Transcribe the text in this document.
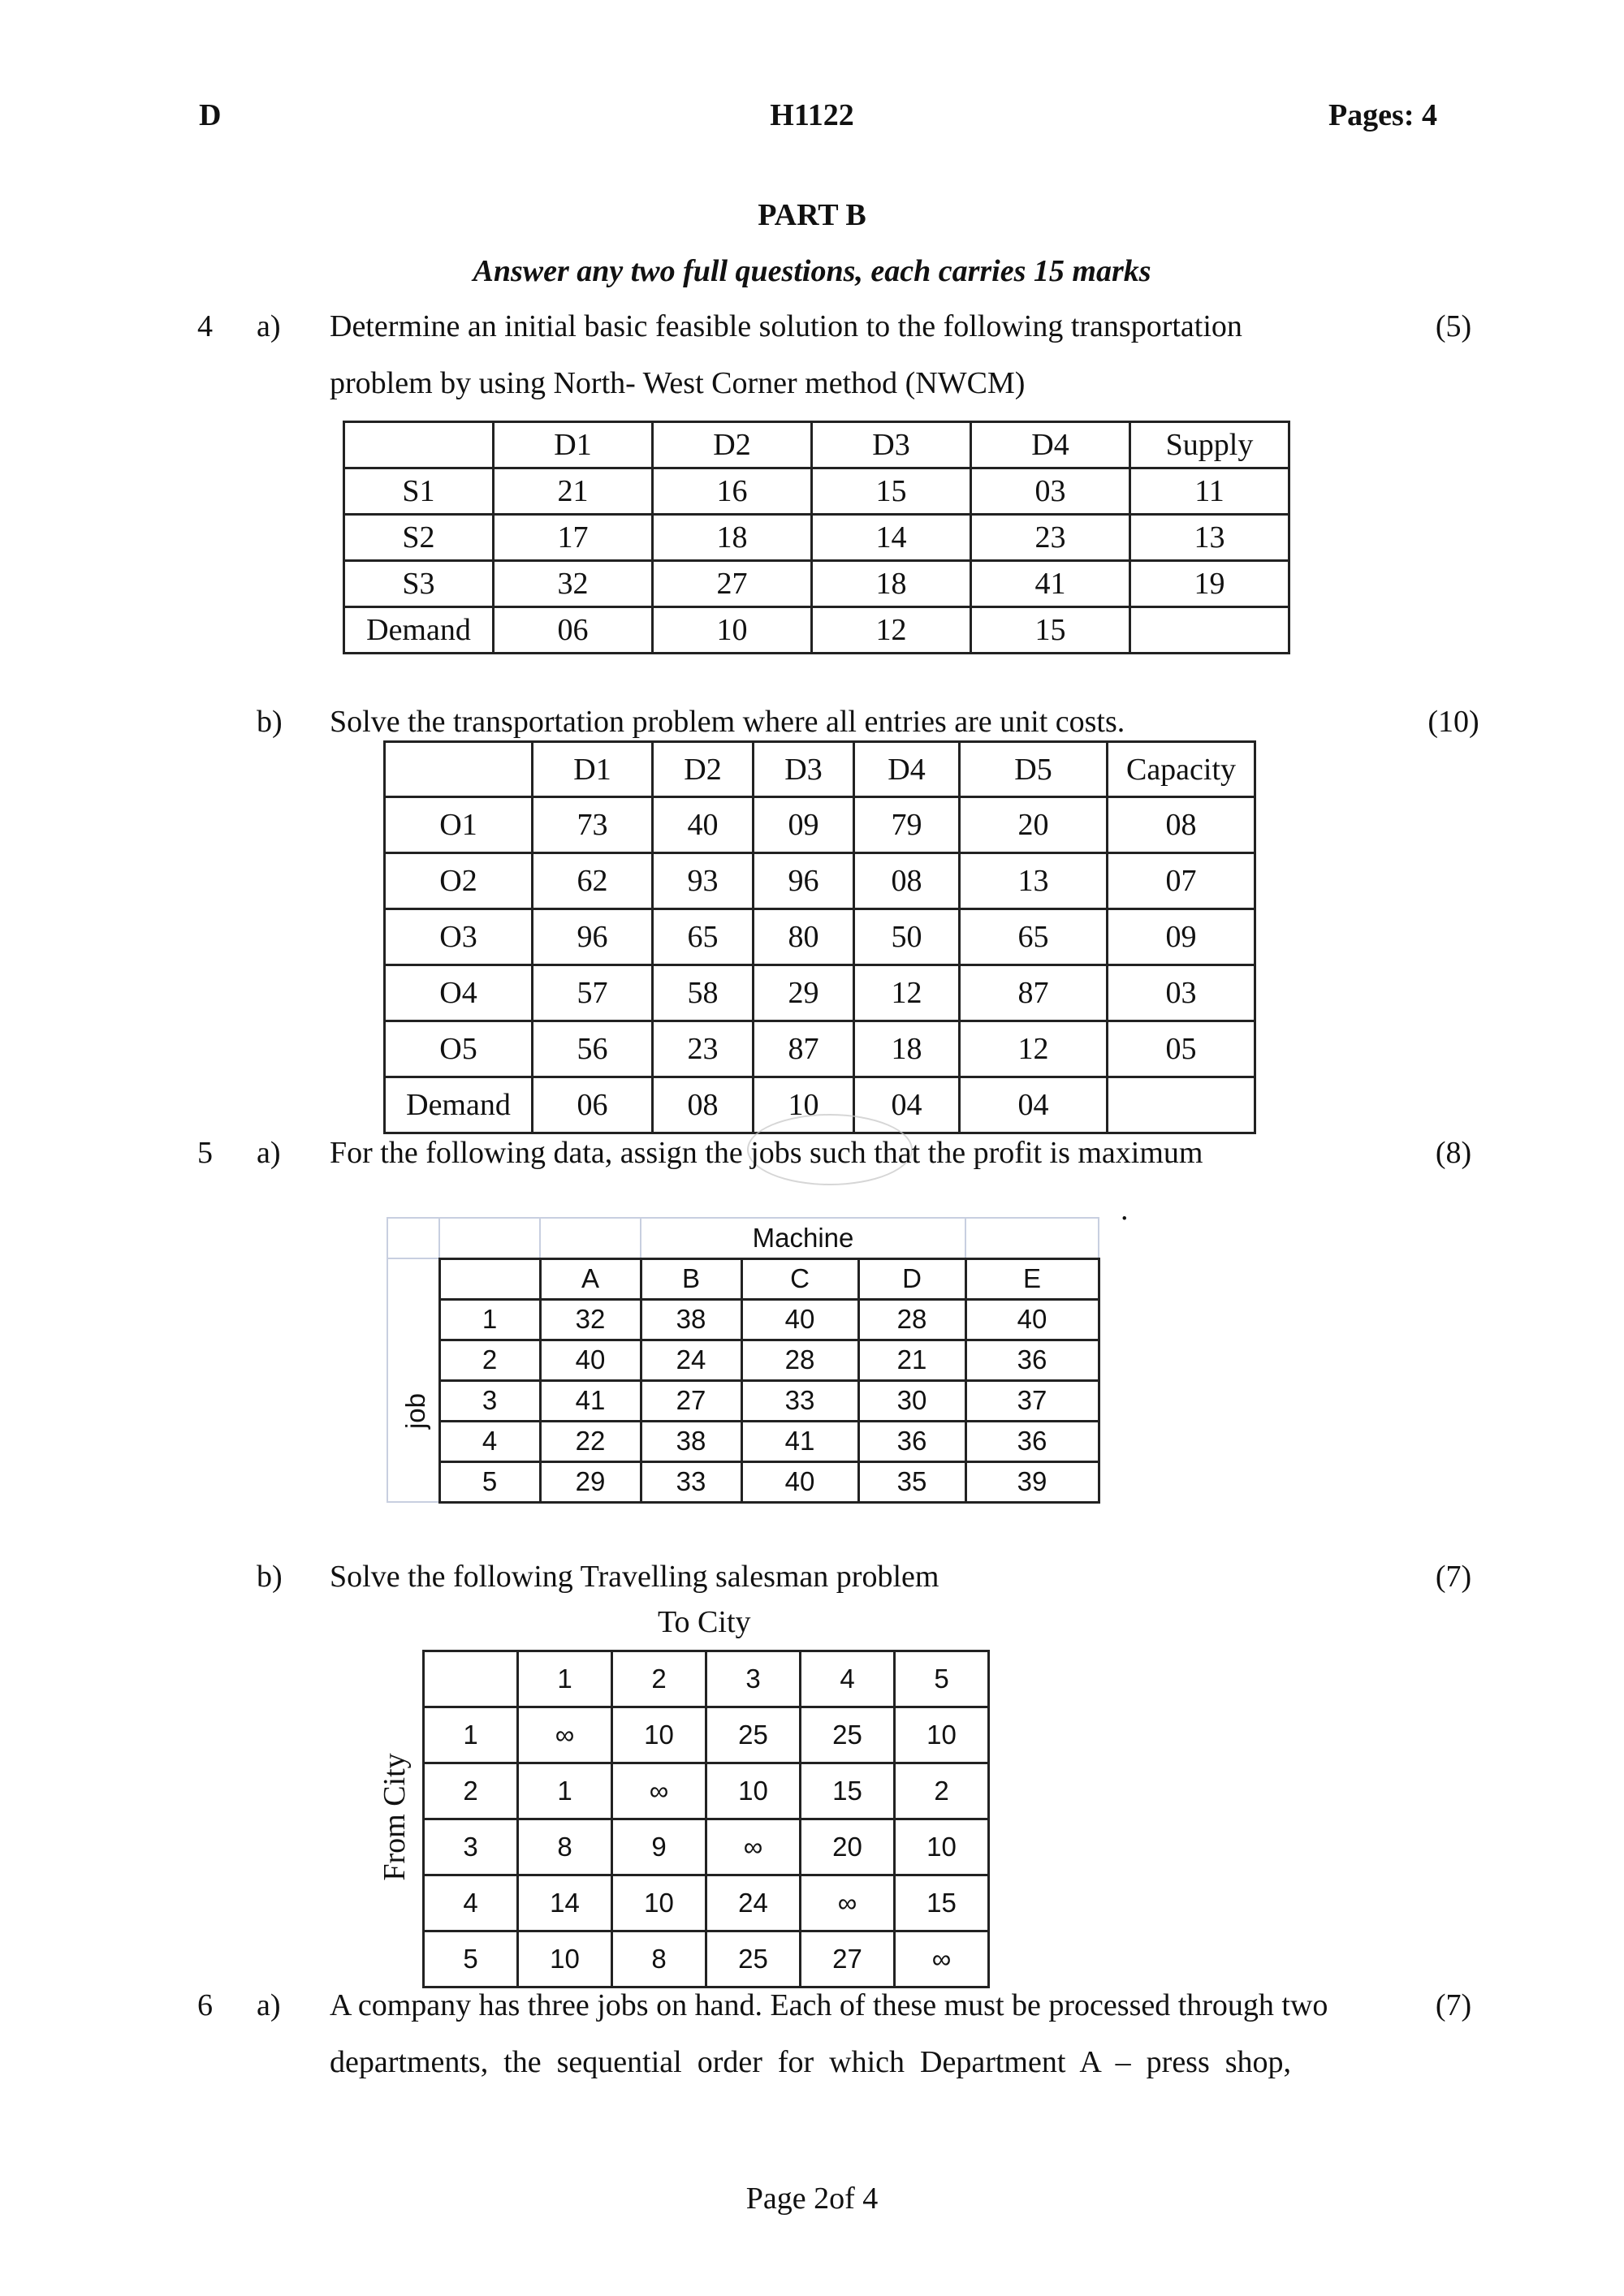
D	H1122	Pages: 4
PART B
Answer any two full questions, each carries 15 marks
4 a) Determine an initial basic feasible solution to the following transportation
problem by using North- West Corner method (NWCM)
(5)
	D1	D2	D3	D4	Supply
S1	21	16	15	03	11
S2	17	18	14	23	13
S3	32	27	18	41	19
Demand	06	10	12	15	
b) Solve the transportation problem where all entries are unit costs.	(10)
	D1	D2	D3	D4	D5	Capacity
O1	73	40	09	79	20	08
O2	62	93	96	08	13	07
O3	96	65	80	50	65	09
O4	57	58	29	12	87	03
O5	56	23	87	18	12	05
Demand	06	08	10	04	04	
5 a) For the following data, assign the jobs such that the profit is maximum	(8)
.
			Machine			

job		A	B	C	D	E
	1	32	38	40	28	40
	2	40	24	28	21	36
	3	41	27	33	30	37
	4	22	38	41	36	36
	5	29	33	40	35	39
b) Solve the following Travelling salesman problem	(7)
To City
From City
	1	2	3	4	5
1	∞	10	25	25	10
2	1	∞	10	15	2
3	8	9	∞	20	10
4	14	10	24	∞	15
5	10	8	25	27	∞
6 a) A company has three jobs on hand. Each of these must be processed through two
departments,  the  sequential  order  for  which  Department  A  –  press  shop,
(7)
Page 2of 4
